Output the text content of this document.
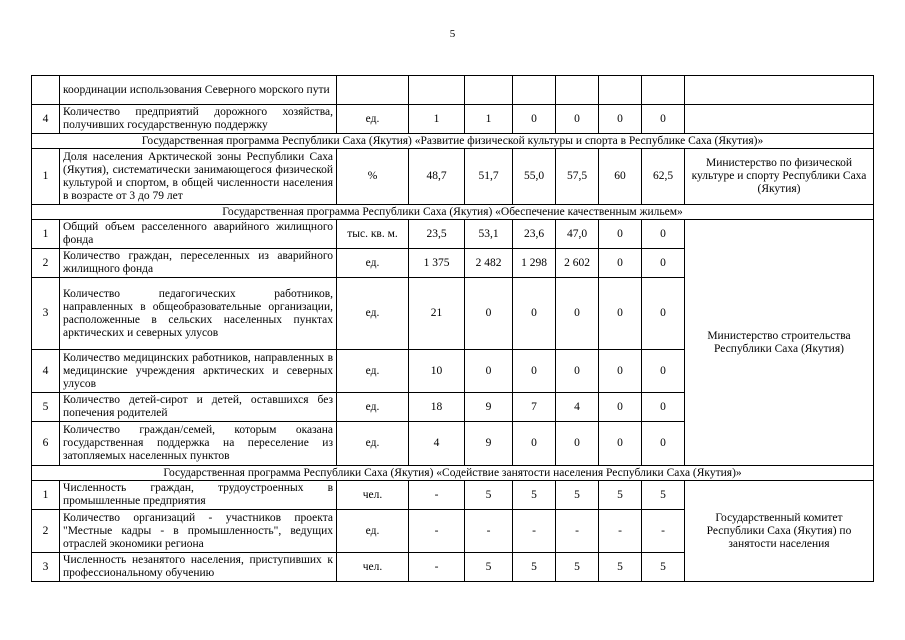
5
	координации использования Северного морского пути								
4	Количество предприятий дорожного хозяйства, получивших государственную поддержку	ед.	1	1	0	0	0	0	
Государственная программа Республики Саха (Якутия) «Развитие физической культуры и спорта в Республике Саха (Якутия)»									
1	Доля населения Арктической зоны Республики Саха (Якутия), систематически занимающегося физической культурой и спортом, в общей численности населения в возрасте от 3 до 79 лет	%	48,7	51,7	55,0	57,5	60	62,5	Министерство по физической культуре и спорту Республики Саха (Якутия)
Государственная программа Республики Саха (Якутия) «Обеспечение качественным жильем»									
1	Общий объем расселенного аварийного жилищного фонда	тыс. кв. м.	23,5	53,1	23,6	47,0	0	0	Министерство строительства Республики Саха (Якутия)
2	Количество граждан, переселенных из аварийного жилищного фонда	ед.	1 375	2 482	1 298	2 602	0	0	
3	Количество педагогических работников, направленных в общеобразовательные организации, расположенные в сельских населенных пунктах арктических и северных улусов	ед.	21	0	0	0	0	0	
4	Количество медицинских работников, направленных в медицинские учреждения арктических и северных улусов	ед.	10	0	0	0	0	0	
5	Количество детей-сирот и детей, оставшихся без попечения родителей	ед.	18	9	7	4	0	0	
6	Количество граждан/семей, которым оказана государственная поддержка на переселение из затопляемых населенных пунктов	ед.	4	9	0	0	0	0	
Государственная программа Республики Саха (Якутия) «Содействие занятости населения Республики Саха (Якутия)»									
1	Численность граждан, трудоустроенных в промышленные предприятия	чел.	-	5	5	5	5	5	Государственный комитет Республики Саха (Якутия) по занятости населения
2	Количество организаций - участников проекта "Местные кадры - в промышленность", ведущих отраслей экономики региона	ед.	-	-	-	-	-	-	
3	Численность незанятого населения, приступивших к профессиональному обучению	чел.	-	5	5	5	5	5	
